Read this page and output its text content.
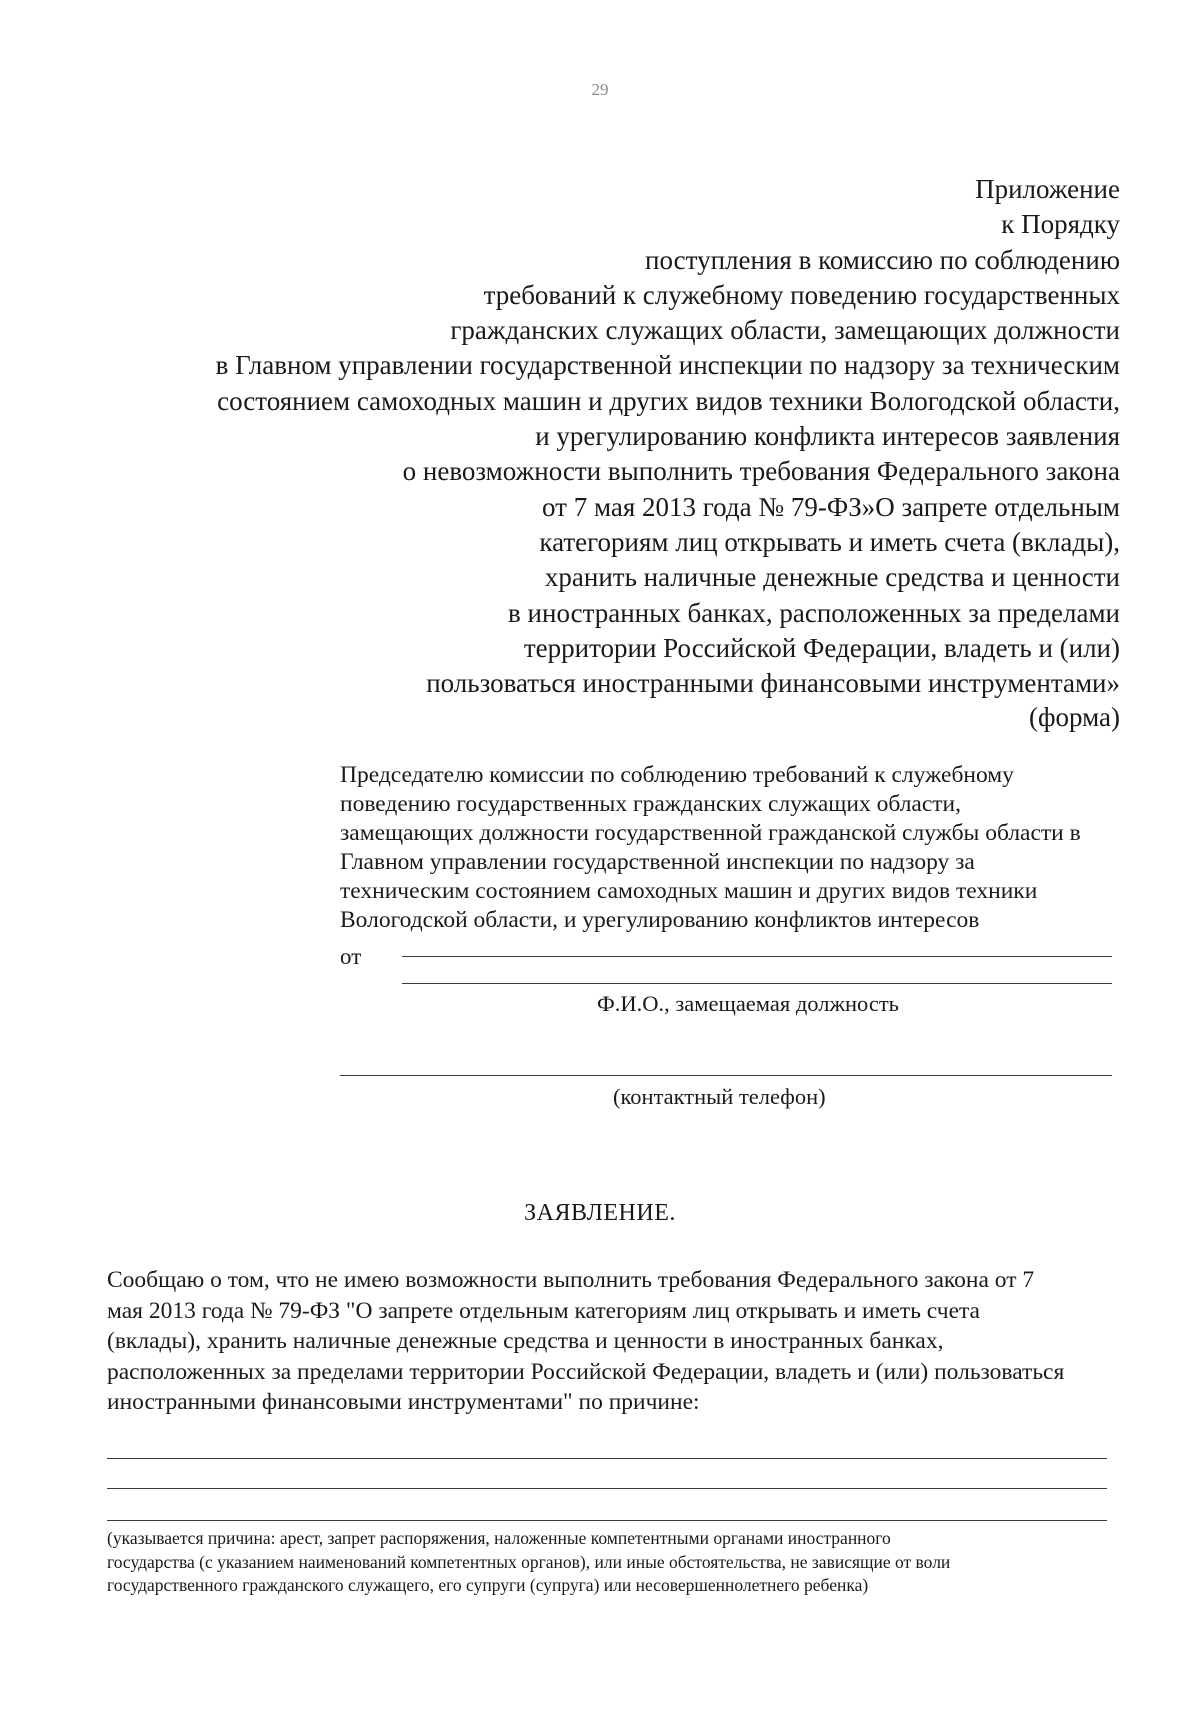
29
Приложение
к Порядку
поступления в комиссию по соблюдению
требований к служебному поведению государственных
гражданских служащих области, замещающих должности
в Главном управлении государственной инспекции по надзору за техническим
состоянием самоходных машин и других видов техники Вологодской области,
и урегулированию конфликта интересов заявления
о невозможности выполнить требования Федерального закона
от 7 мая 2013 года № 79-ФЗ»О запрете отдельным
категориям лиц открывать и иметь счета (вклады),
хранить наличные денежные средства и ценности
в иностранных банках, расположенных за пределами
территории Российской Федерации, владеть и (или)
пользоваться иностранными финансовыми инструментами»
(форма)
Председателю комиссии по соблюдению требований к служебному
поведению государственных гражданских служащих области,
замещающих должности государственной гражданской службы области в
Главном управлении государственной инспекции по надзору за
техническим состоянием самоходных машин и других видов техники
Вологодской области, и урегулированию конфликтов интересов
от
Ф.И.О., замещаемая должность
(контактный телефон)
ЗАЯВЛЕНИЕ.
Сообщаю о том, что не имею возможности выполнить требования Федерального закона от 7
мая 2013 года № 79-ФЗ "О запрете отдельным категориям лиц открывать и иметь счета
(вклады), хранить наличные денежные средства и ценности в иностранных банках,
расположенных за пределами территории Российской Федерации, владеть и (или) пользоваться
иностранными финансовыми инструментами" по причине:
(указывается причина: арест, запрет распоряжения, наложенные компетентными органами иностранного
государства (с указанием наименований компетентных органов), или иные обстоятельства, не зависящие от воли
государственного гражданского служащего, его супруги (супруга) или несовершеннолетнего ребенка)
